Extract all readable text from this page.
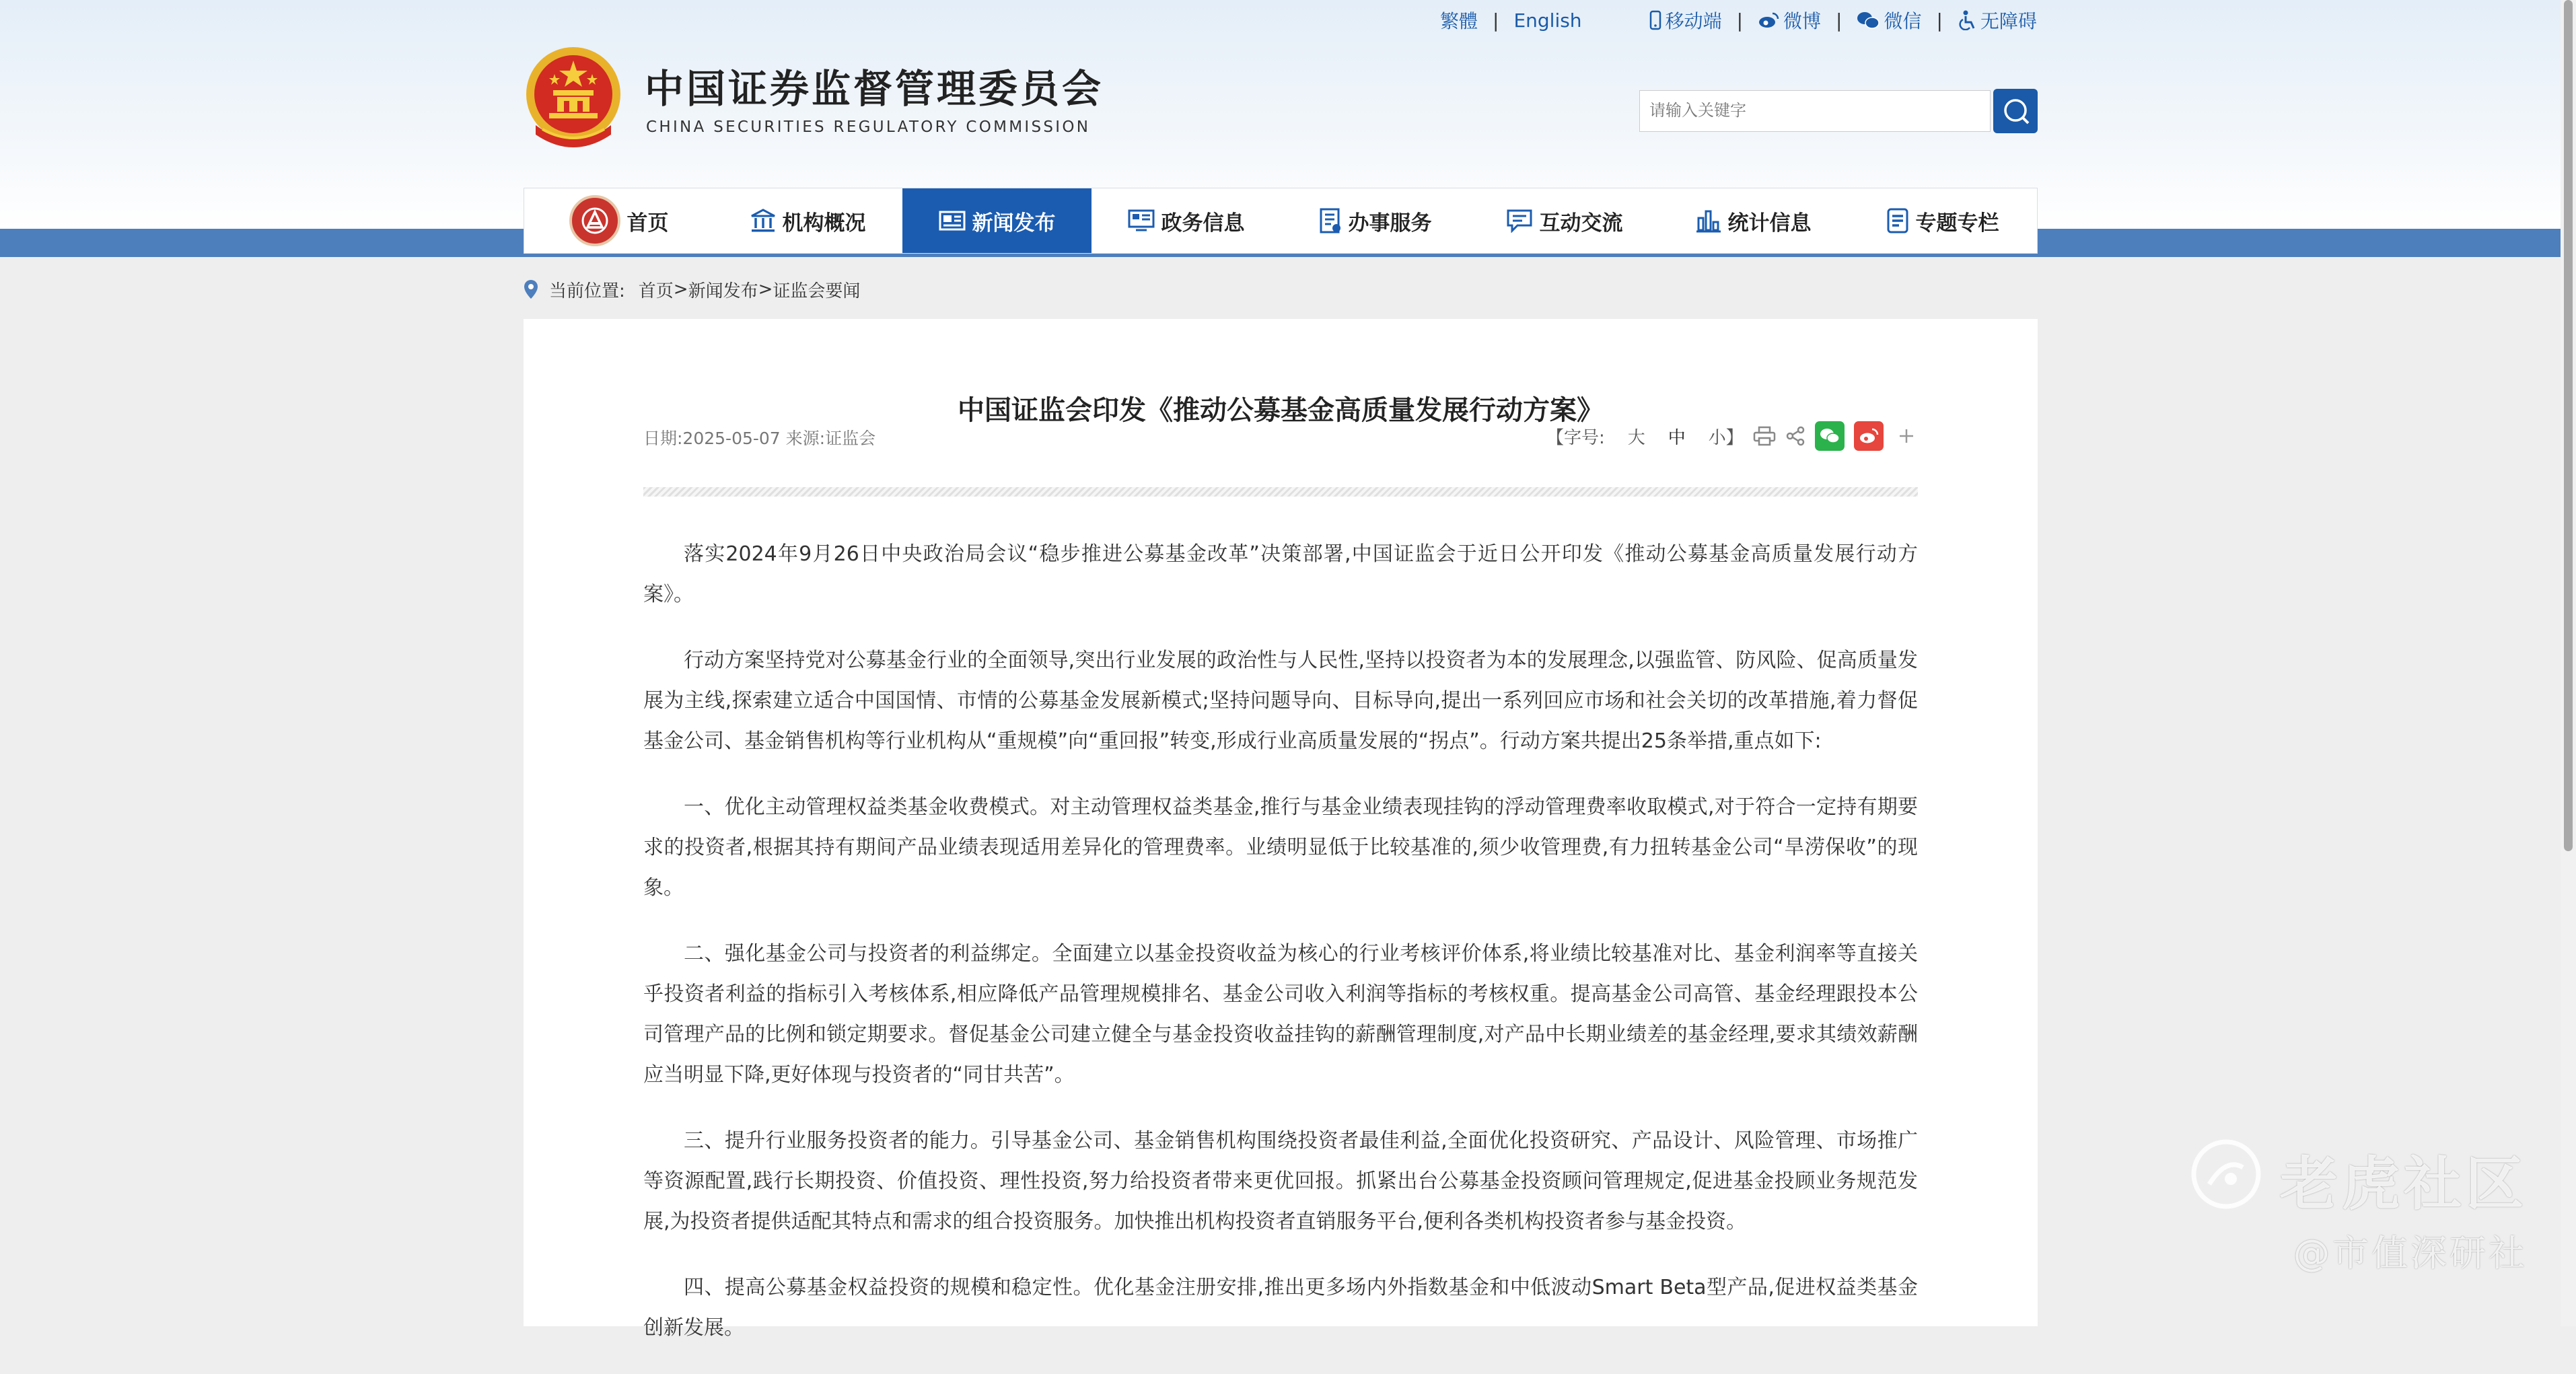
繁體 | English	移动端 | 微博 | 微信 | 无障碍
中国证券监督管理委员会
CHINA SECURITIES REGULATORY COMMISSION
请输入关键字
首页	机构概况	新闻发布	政务信息	办事服务	互动交流	统计信息	专题专栏
当前位置: 首页 > 新闻发布 > 证监会要闻
中国证监会印发《推动公募基金高质量发展行动方案》
日期:2025-05-07 来源:证监会	【字号: 大 中 小】

落实2024年9月26日中央政治局会议“稳步推进公募基金改革”决策部署,中国证监会于近日公开印发《推动公募基金高质量发展行动方案》。

行动方案坚持党对公募基金行业的全面领导,突出行业发展的政治性与人民性,坚持以投资者为本的发展理念,以强监管、防风险、促高质量发展为主线,探索建立适合中国国情、市情的公募基金发展新模式;坚持问题导向、目标导向,提出一系列回应市场和社会关切的改革措施,着力督促基金公司、基金销售机构等行业机构从“重规模”向“重回报”转变,形成行业高质量发展的“拐点”。行动方案共提出25条举措,重点如下:

一、优化主动管理权益类基金收费模式。对主动管理权益类基金,推行与基金业绩表现挂钩的浮动管理费率收取模式,对于符合一定持有期要求的投资者,根据其持有期间产品业绩表现适用差异化的管理费率。业绩明显低于比较基准的,须少收管理费,有力扭转基金公司“旱涝保收”的现象。

二、强化基金公司与投资者的利益绑定。全面建立以基金投资收益为核心的行业考核评价体系,将业绩比较基准对比、基金利润率等直接关乎投资者利益的指标引入考核体系,相应降低产品管理规模排名、基金公司收入利润等指标的考核权重。提高基金公司高管、基金经理跟投本公司管理产品的比例和锁定期要求。督促基金公司建立健全与基金投资收益挂钩的薪酬管理制度,对产品中长期业绩差的基金经理,要求其绩效薪酬应当明显下降,更好体现与投资者的“同甘共苦”。

三、提升行业服务投资者的能力。引导基金公司、基金销售机构围绕投资者最佳利益,全面优化投资研究、产品设计、风险管理、市场推广等资源配置,践行长期投资、价值投资、理性投资,努力给投资者带来更优回报。抓紧出台公募基金投资顾问管理规定,促进基金投顾业务规范发展,为投资者提供适配其特点和需求的组合投资服务。加快推出机构投资者直销服务平台,便利各类机构投资者参与基金投资。

四、提高公募基金权益投资的规模和稳定性。优化基金注册安排,推出更多场内外指数基金和中低波动Smart Beta型产品,促进权益类基金创新发展。

老虎社区
@市值深研社
